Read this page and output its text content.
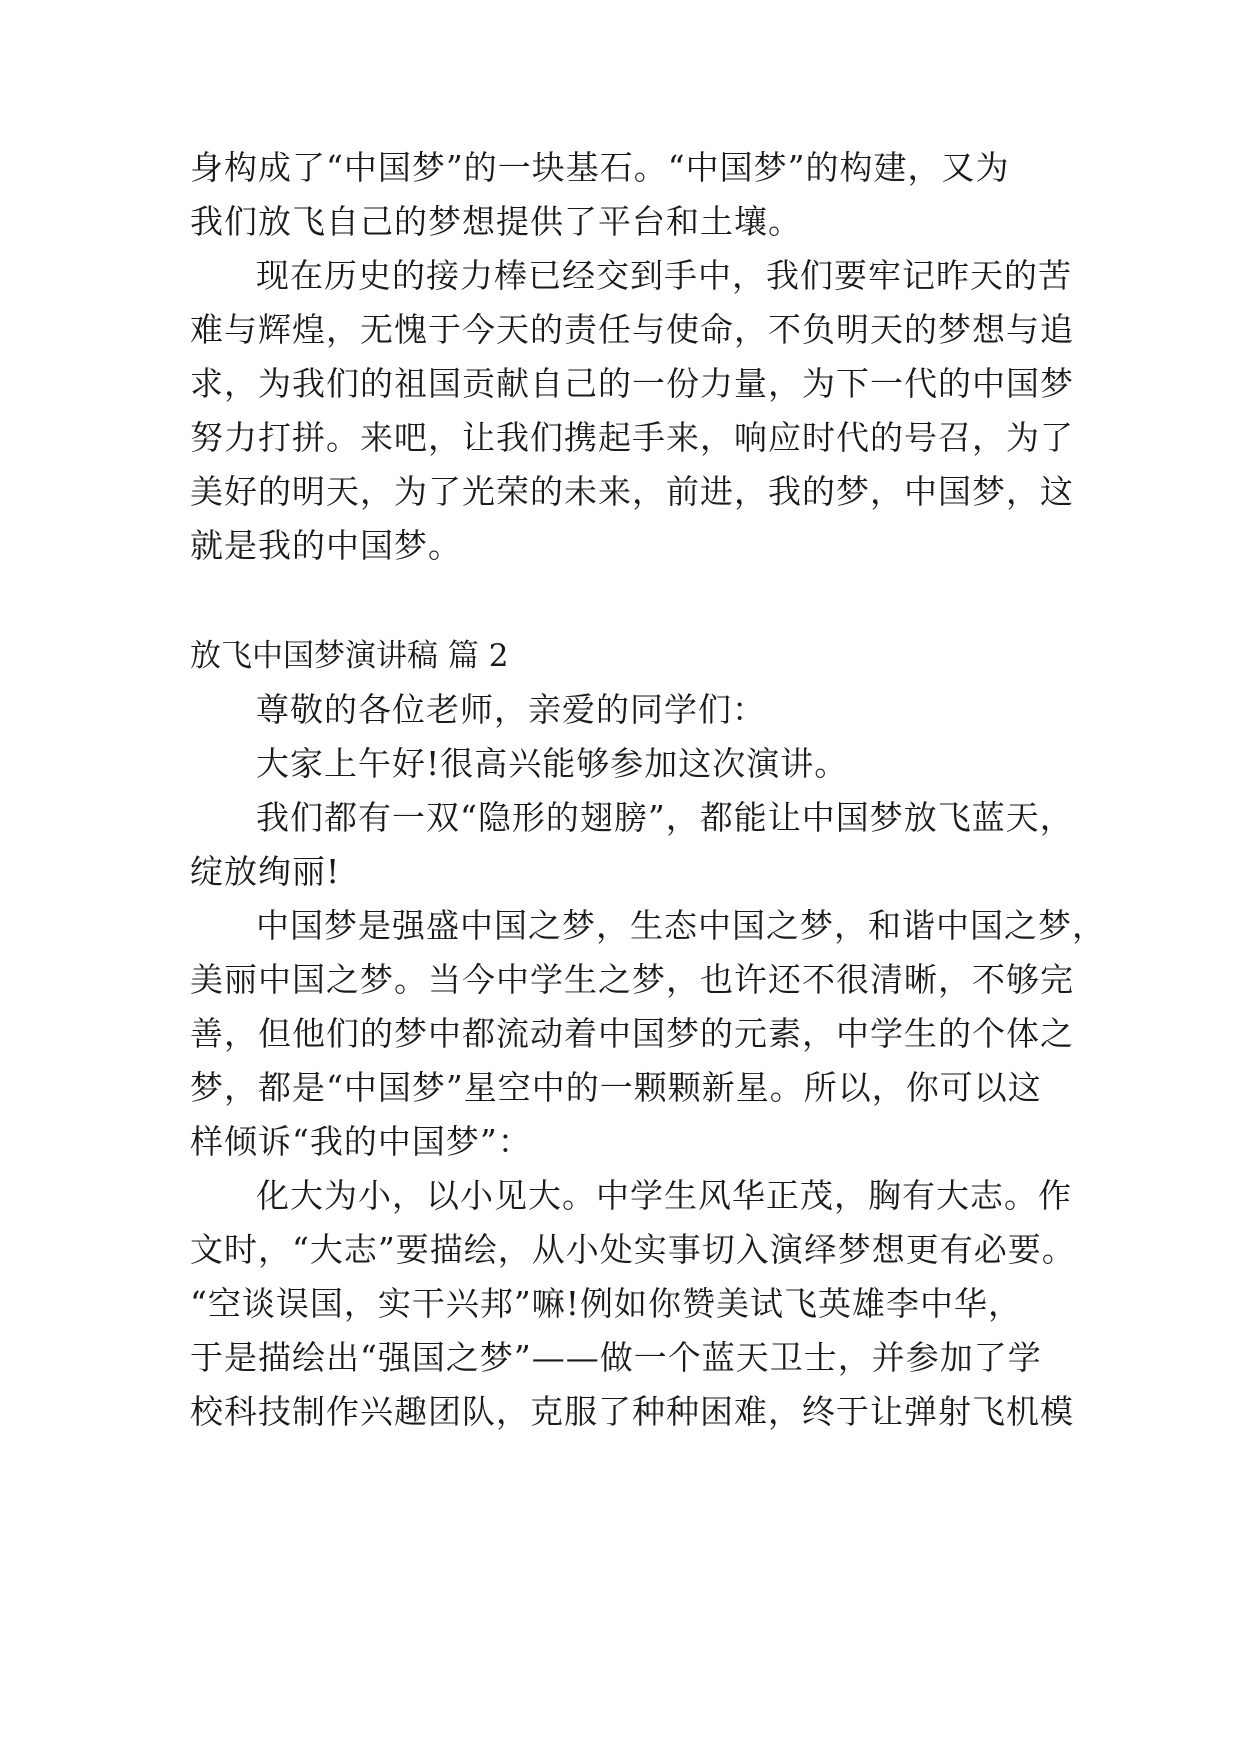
身构成了“中国梦”的一块基石。“中国梦”的构建，又为
我们放飞自己的梦想提供了平台和土壤。
现在历史的接力棒已经交到手中，我们要牢记昨天的苦
难与辉煌，无愧于今天的责任与使命，不负明天的梦想与追
求，为我们的祖国贡献自己的一份力量，为下一代的中国梦
努力打拼。来吧，让我们携起手来，响应时代的号召，为了
美好的明天，为了光荣的未来，前进，我的梦，中国梦，这
就是我的中国梦。
放飞中国梦演讲稿 篇 2
尊敬的各位老师，亲爱的同学们：
大家上午好!很高兴能够参加这次演讲。
我们都有一双“隐形的翅膀”，都能让中国梦放飞蓝天，
绽放绚丽!
中国梦是强盛中国之梦，生态中国之梦，和谐中国之梦，
美丽中国之梦。当今中学生之梦，也许还不很清晰，不够完
善，但他们的梦中都流动着中国梦的元素，中学生的个体之
梦，都是“中国梦”星空中的一颗颗新星。所以，你可以这
样倾诉“我的中国梦”：
化大为小，以小见大。中学生风华正茂，胸有大志。作
文时，“大志”要描绘，从小处实事切入演绎梦想更有必要。
“空谈误国，实干兴邦”嘛!例如你赞美试飞英雄李中华，
于是描绘出“强国之梦”——做一个蓝天卫士，并参加了学
校科技制作兴趣团队，克服了种种困难，终于让弹射飞机模
